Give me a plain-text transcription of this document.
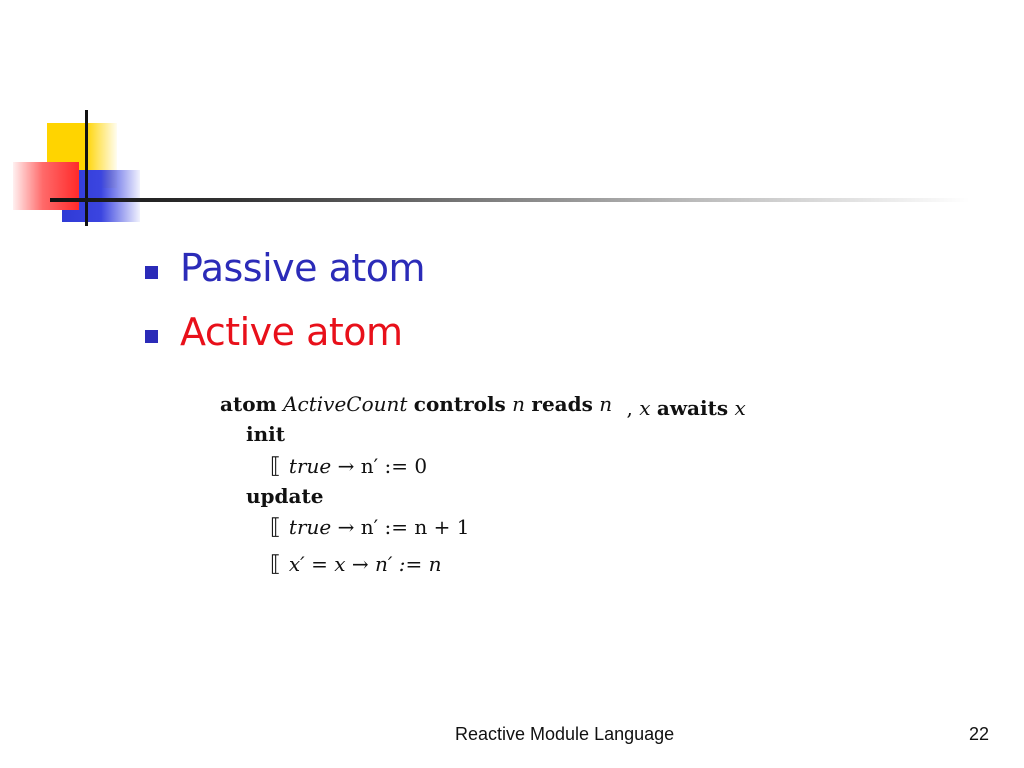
Passive atom
Active atom
atom ActiveCount controls n reads n , x awaits x
init
⟦ true → n′ := 0
update
⟦ true → n′ := n + 1
⟦ x′ = x → n′ := n
Reactive Module Language	22
